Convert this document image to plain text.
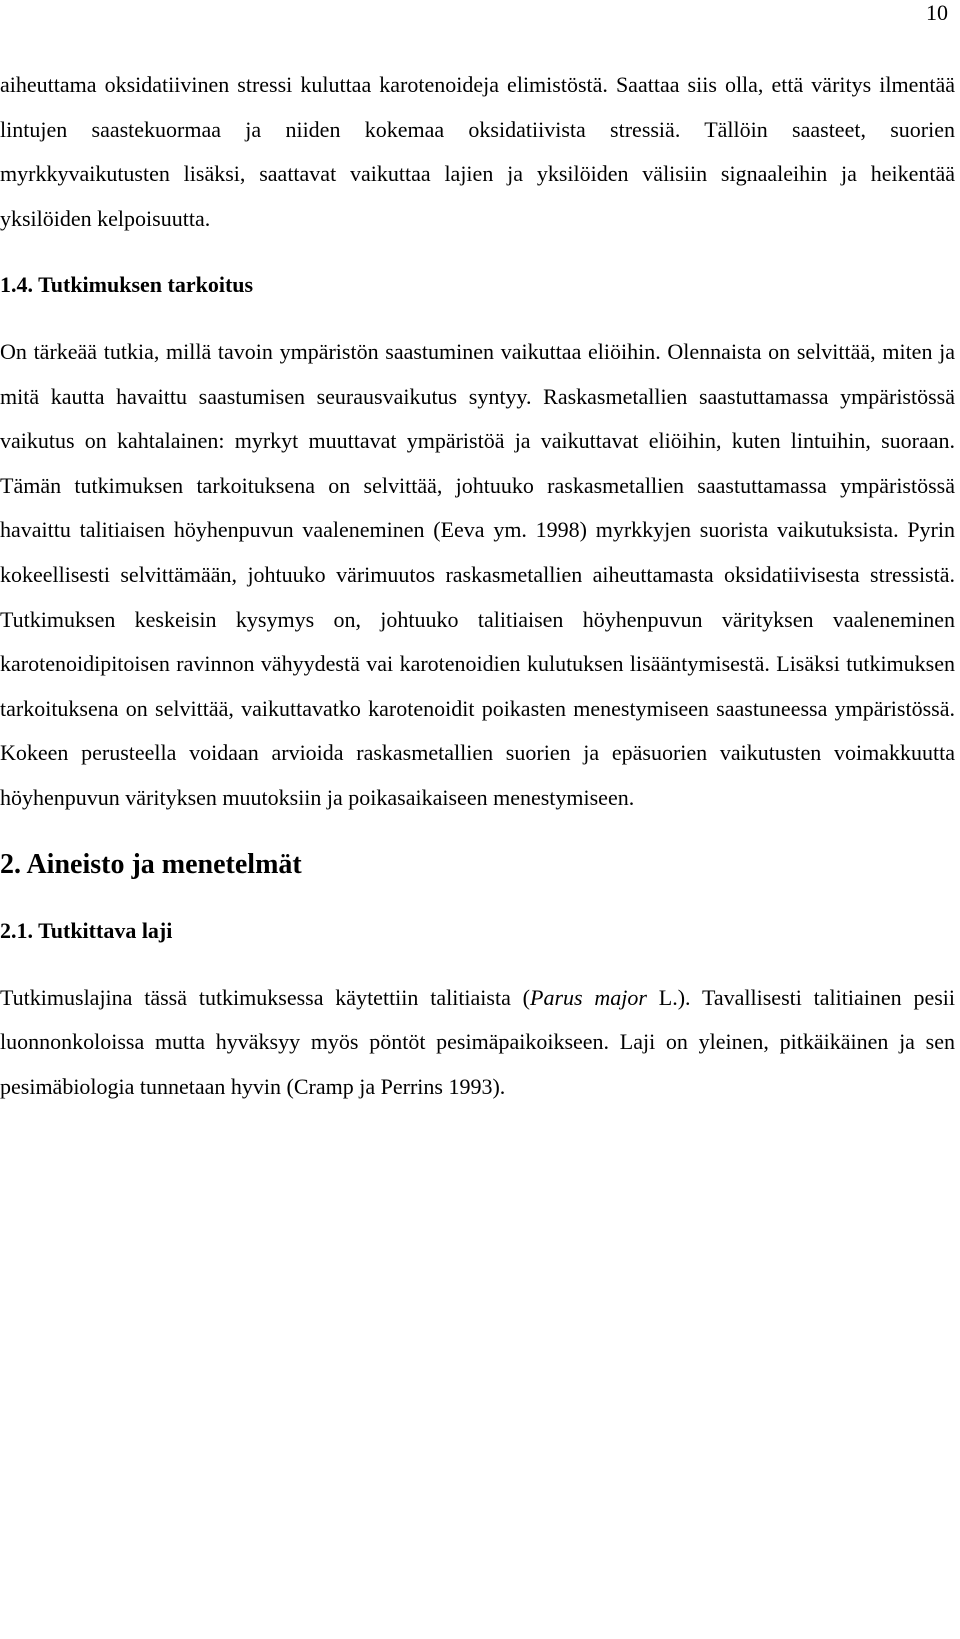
10

aiheuttama oksidatiivinen stressi kuluttaa karotenoideja elimistöstä. Saattaa siis olla, että väritys ilmentää lintujen saastekuormaa ja niiden kokemaa oksidatiivista stressiä. Tällöin saasteet, suorien myrkkyvaikutusten lisäksi, saattavat vaikuttaa lajien ja yksilöiden välisiin signaaleihin ja heikentää yksilöiden kelpoisuutta.

1.4. Tutkimuksen tarkoitus

On tärkeää tutkia, millä tavoin ympäristön saastuminen vaikuttaa eliöihin. Olennaista on selvittää, miten ja mitä kautta havaittu saastumisen seurausvaikutus syntyy. Raskasmetallien saastuttamassa ympäristössä vaikutus on kahtalainen: myrkyt muuttavat ympäristöä ja vaikuttavat eliöihin, kuten lintuihin, suoraan. Tämän tutkimuksen tarkoituksena on selvittää, johtuuko raskasmetallien saastuttamassa ympäristössä havaittu talitiaisen höyhenpuvun vaaleneminen (Eeva ym. 1998) myrkkyjen suorista vaikutuksista. Pyrin kokeellisesti selvittämään, johtuuko värimuutos raskasmetallien aiheuttamasta oksidatiivisesta stressistä. Tutkimuksen keskeisin kysymys on, johtuuko talitiaisen höyhenpuvun värityksen vaaleneminen karotenoidipitoisen ravinnon vähyydestä vai karotenoidien kulutuksen lisääntymisestä. Lisäksi tutkimuksen tarkoituksena on selvittää, vaikuttavatko karotenoidit poikasten menestymiseen saastuneessa ympäristössä. Kokeen perusteella voidaan arvioida raskasmetallien suorien ja epäsuorien vaikutusten voimakkuutta höyhenpuvun värityksen muutoksiin ja poikasaikaiseen menestymiseen.

2. Aineisto ja menetelmät

2.1. Tutkittava laji

Tutkimuslajina tässä tutkimuksessa käytettiin talitiaista (Parus major L.). Tavallisesti talitiainen pesii luonnonkoloissa mutta hyväksyy myös pöntöt pesimäpaikoikseen. Laji on yleinen, pitkäikäinen ja sen pesimäbiologia tunnetaan hyvin (Cramp ja Perrins 1993).
